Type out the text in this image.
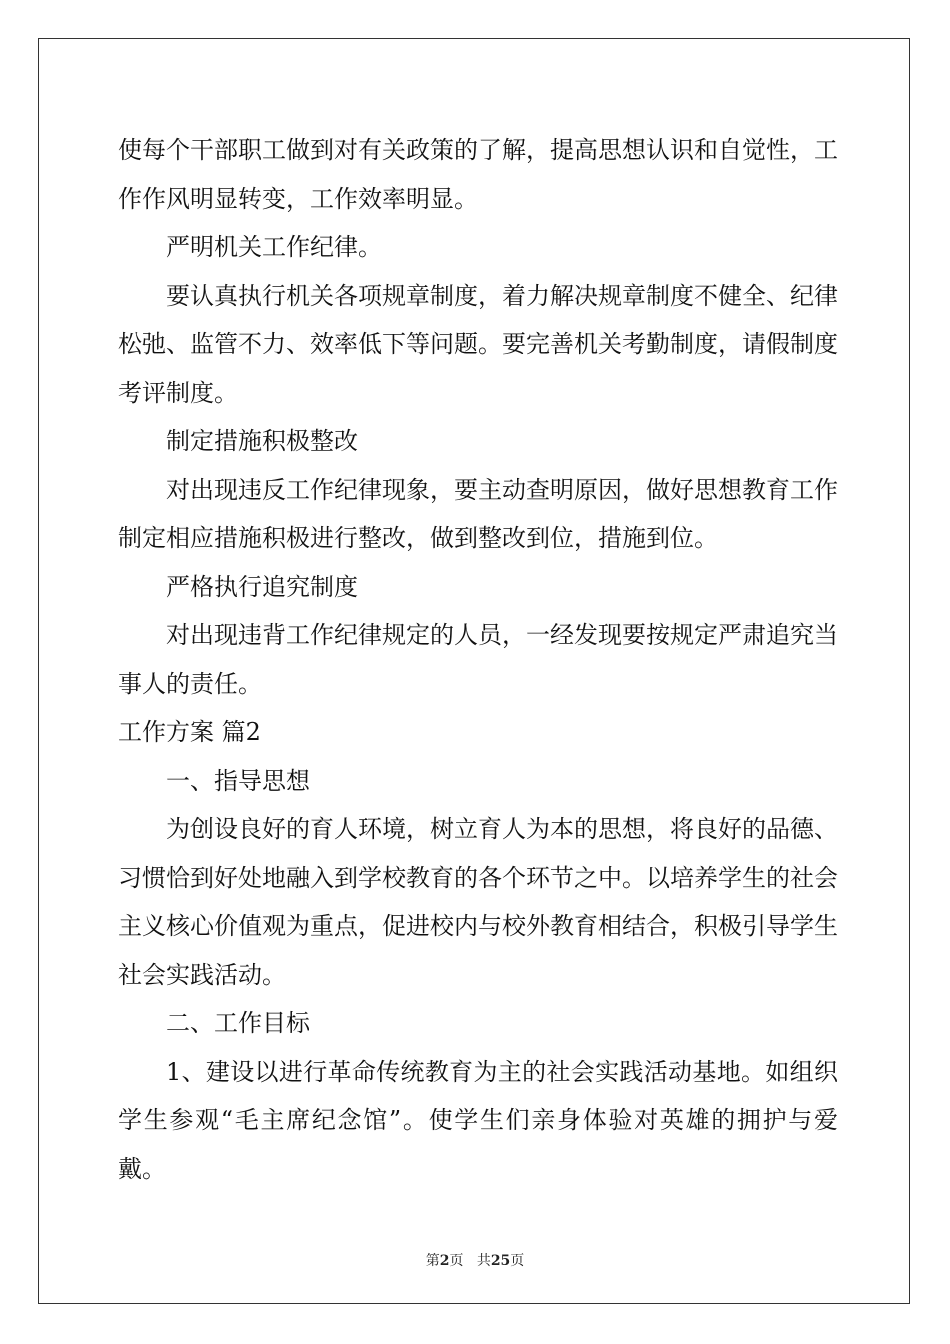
使每个干部职工做到对有关政策的了解，提高思想认识和自觉性，工作作风明显转变，工作效率明显。

严明机关工作纪律。

要认真执行机关各项规章制度，着力解决规章制度不健全、纪律松弛、监管不力、效率低下等问题。要完善机关考勤制度，请假制度考评制度。

制定措施积极整改

对出现违反工作纪律现象，要主动查明原因，做好思想教育工作制定相应措施积极进行整改，做到整改到位，措施到位。

严格执行追究制度

对出现违背工作纪律规定的人员，一经发现要按规定严肃追究当事人的责任。

工作方案 篇2

一、指导思想

为创设良好的育人环境，树立育人为本的思想，将良好的品德、习惯恰到好处地融入到学校教育的各个环节之中。以培养学生的社会主义核心价值观为重点，促进校内与校外教育相结合，积极引导学生社会实践活动。

二、工作目标

1、建设以进行革命传统教育为主的社会实践活动基地。如组织学生参观“毛主席纪念馆”。使学生们亲身体验对英雄的拥护与爱戴。

第2页 共25页
